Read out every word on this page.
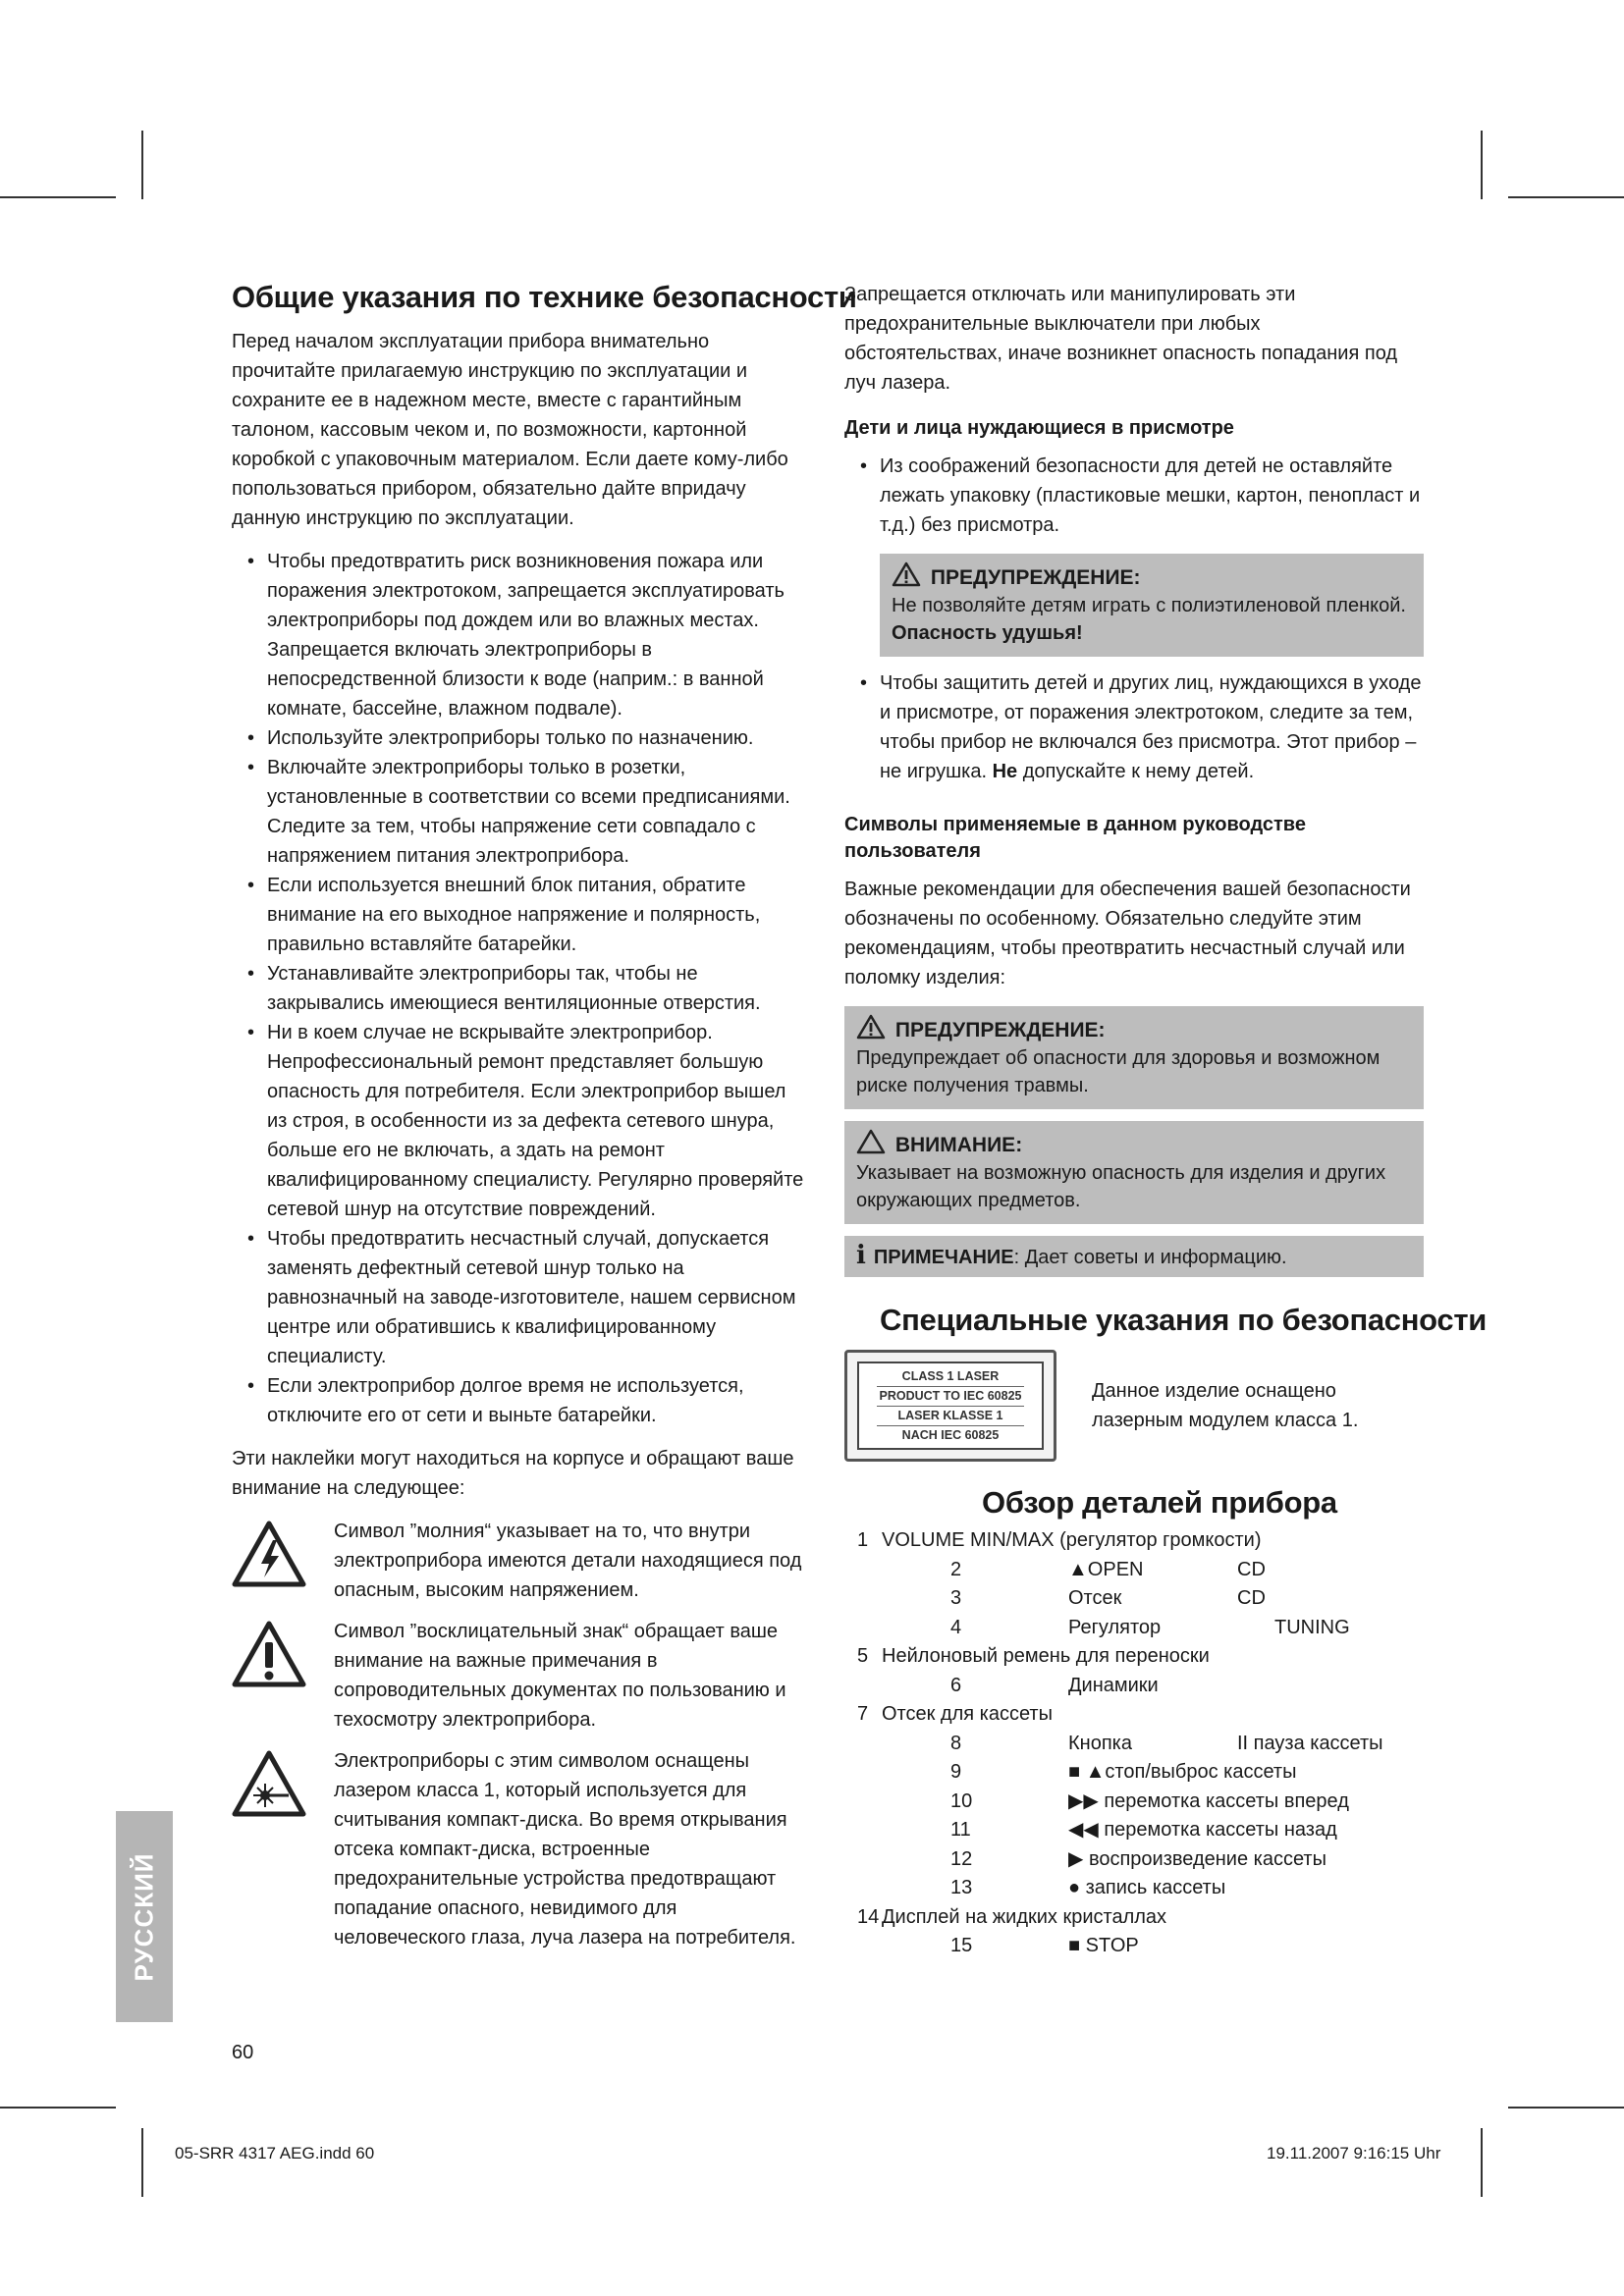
Общие указания по технике безопасности

Перед началом эксплуатации прибора внимательно прочитайте прилагаемую инструкцию по эксплуатации и сохраните ее в надежном месте, вместе с гарантийным талоном, кассовым чеком и, по возможности, картонной коробкой с упаковочным материалом. Если даете кому-либо попользоваться прибором, обязательно дайте впридачу данную инструкцию по эксплуатации.

• Чтобы предотвратить риск возникновения пожара или поражения электротоком, запрещается эксплуатировать электроприборы под дождем или во влажных местах. Запрещается включать электроприборы в непосредственной близости к воде (наприм.: в ванной комнате, бассейне, влажном подвале).
• Используйте электроприборы только по назначению.
• Включайте электроприборы только в розетки, установленные в соответствии со всеми предписаниями. Следите за тем, чтобы напряжение сети совпадало с напряжением питания электроприбора.
• Если используется внешний блок питания, обратите внимание на его выходное напряжение и полярность, правильно вставляйте батарейки.
• Устанавливайте электроприборы так, чтобы не закрывались имеющиеся вентиляционные отверстия.
• Ни в коем случае не вскрывайте электроприбор. Непрофессиональный ремонт представляет большую опасность для потребителя. Если электроприбор вышел из строя, в особенности из за дефекта сетевого шнура, больше его не включать, а здать на ремонт квалифицированному специалисту. Регулярно проверяйте сетевой шнур на отсутствие повреждений.
• Чтобы предотвратить несчастный случай, допускается заменять дефектный сетевой шнур только на равнозначный на заводе-изготовителе, нашем сервисном центре или обратившись к квалифицированному специалисту.
• Если электроприбор долгое время не используется, отключите его от сети и выньте батарейки.

Эти наклейки могут находиться на корпусе и обращают ваше внимание на следующее:

Символ ”молния“ указывает на то, что внутри электроприбора имеются детали находящиеся под опасным, высоким напряжением.

Символ ”восклицательный знак“ обращает ваше внимание на важные примечания в сопроводительных документах по пользованию и техосмотру электроприбора.

Электроприборы с этим символом оснащены лазером класса 1, который используется для считывания компакт-диска. Во время открывания отсека компакт-диска, встроенные предохранительные устройства предотвращают попадание опасного, невидимого для человеческого глаза, луча лазера на потребителя.

Запрещается отключать или манипулировать эти предохранительные выключатели при любых обстоятельствах, иначе возникнет опасность попадания под луч лазера.

Дети и лица нуждающиеся в присмотре
• Из соображений безопасности для детей не оставляйте лежать упаковку (пластиковые мешки, картон, пенопласт и т.д.) без присмотра.
ПРЕДУПРЕЖДЕНИЕ:
Не позволяйте детям играть с полиэтиленовой пленкой. Опасность удушья!
• Чтобы защитить детей и других лиц, нуждающихся в уходе и присмотре, от поражения электротоком, следите за тем, чтобы прибор не включался без присмотра. Этот прибор – не игрушка. Не допускайте к нему детей.
Символы применяемые в данном руководстве пользователя

Важные рекомендации для обеспечения вашей безопасности обозначены по особенному. Обязательно следуйте этим рекомендациям, чтобы преотвратить несчастный случай или поломку изделия:

ПРЕДУПРЕЖДЕНИЕ:
Предупреждает об опасности для здоровья и возможном риске получения травмы.
ВНИМАНИЕ:
Указывает на возможную опасность для изделия и других окружающих предметов.
i ПРИМЕЧАНИЕ: Дает советы и информацию.
Специальные указания по безопасности
CLASS 1 LASER
PRODUCT TO IEC 60825
LASER KLASSE 1
NACH IEC 60825
Данное изделие оснащено лазерным модулем класса 1.
Обзор деталей прибора
1 VOLUME MIN/MAX (регулятор громкости)
2	▲OPEN	CD
3	Отсек	CD
4	Регулятор	TUNING
5 Нейлоновый ремень для переноски
6	Динамики
7 Отсек для кассеты
8	Кнопка	II пауза кассеты
9	■ ▲стоп/выброс кассеты
10	▶▶ перемотка кассеты вперед
11	◀◀ перемотка кассеты назад
12	▶ воспроизведение кассеты
13	● запись кассеты
14 Дисплей на жидких кристаллах
15	■ STOP
РУССКИЙ
60
05-SRR 4317 AEG.indd 60	19.11.2007 9:16:15 Uhr
